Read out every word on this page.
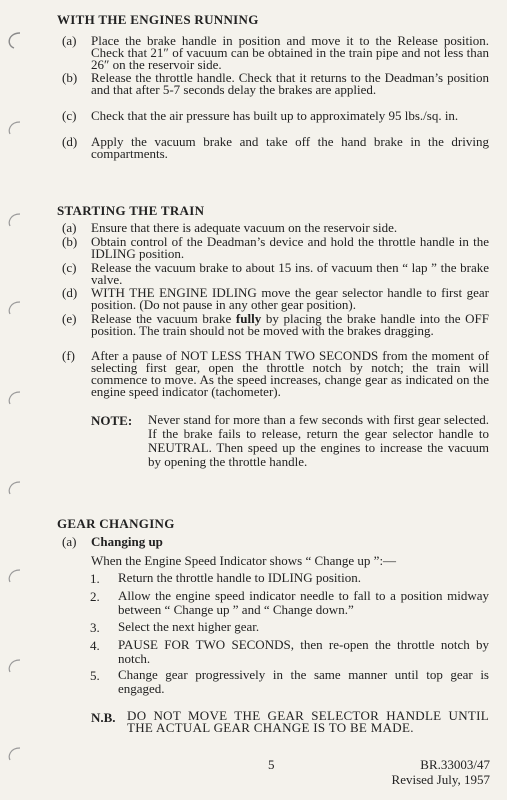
WITH THE ENGINES RUNNING
(a) Place the brake handle in position and move it to the Release position. Check that 21″ of vacuum can be obtained in the train pipe and not less than 26″ on the reservoir side.
(b) Release the throttle handle. Check that it returns to the Deadman’s position and that after 5-7 seconds delay the brakes are applied.
(c) Check that the air pressure has built up to approximately 95 lbs./sq. in.
(d) Apply the vacuum brake and take off the hand brake in the driving compartments.
STARTING THE TRAIN
(a) Ensure that there is adequate vacuum on the reservoir side.
(b) Obtain control of the Deadman’s device and hold the throttle handle in the IDLING position.
(c) Release the vacuum brake to about 15 ins. of vacuum then “ lap ” the brake valve.
(d) WITH THE ENGINE IDLING move the gear selector handle to first gear position. (Do not pause in any other gear position).
(e) Release the vacuum brake fully by placing the brake handle into the OFF position. The train should not be moved with the brakes dragging.
(f) After a pause of NOT LESS THAN TWO SECONDS from the moment of selecting first gear, open the throttle notch by notch; the train will commence to move. As the speed increases, change gear as indicated on the engine speed indicator (tachometer).
NOTE: Never stand for more than a few seconds with first gear selected. If the brake fails to release, return the gear selector handle to NEUTRAL. Then speed up the engines to increase the vacuum by opening the throttle handle.
GEAR CHANGING
(a) Changing up
When the Engine Speed Indicator shows “ Change up ”:—
1. Return the throttle handle to IDLING position.
2. Allow the engine speed indicator needle to fall to a position midway between “ Change up ” and “ Change down.”
3. Select the next higher gear.
4. PAUSE FOR TWO SECONDS, then re-open the throttle notch by notch.
5. Change gear progressively in the same manner until top gear is engaged.
N.B. DO NOT MOVE THE GEAR SELECTOR HANDLE UNTIL THE ACTUAL GEAR CHANGE IS TO BE MADE.
5	BR.33003/47
Revised July, 1957
